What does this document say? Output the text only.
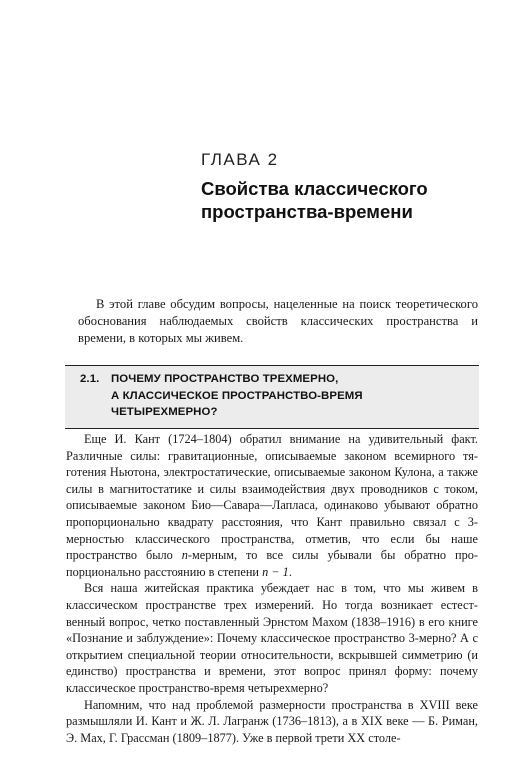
ГЛАВА 2
Свойства классического
пространства-времени

В этой главе обсудим вопросы, нацеленные на поиск теоретического обоснования наблюдаемых свойств классических пространства и времени, в которых мы живем.

2.1. ПОЧЕМУ ПРОСТРАНСТВО ТРЕХМЕРНО,
А КЛАССИЧЕСКОЕ ПРОСТРАНСТВО-ВРЕМЯ
ЧЕТЫРЕХМЕРНО?

Еще И. Кант (1724–1804) обратил внимание на удивительный факт. Различные силы: гравитационные, описываемые законом всемирного тяготения Ньютона, электростатические, описываемые законом Кулона, а также силы в магнитостатике и силы взаимодействия двух проводников с током, описываемые законом Био—Савара—Лапласа, одинаково убывают обратно пропорционально квадрату расстояния, что Кант правильно связал с 3-мерностью классического пространства, отметив, что если бы наше пространство было n-мерным, то все силы убывали бы обратно пропорционально расстоянию в степени n − 1.

Вся наша житейская практика убеждает нас в том, что мы живем в классическом пространстве трех измерений. Но тогда возникает естественный вопрос, четко поставленный Эрнстом Махом (1838–1916) в его книге «Познание и заблуждение»: Почему классическое пространство 3-мерно? А с открытием специальной теории относительности, вскрывшей симметрию (и единство) пространства и времени, этот вопрос принял форму: почему классическое пространство-время четырехмерно?

Напомним, что над проблемой размерности пространства в XVIII веке размышляли И. Кант и Ж. Л. Лагранж (1736–1813), а в XIX веке — Б. Риман, Э. Мах, Г. Грассман (1809–1877). Уже в первой трети XX столе-
